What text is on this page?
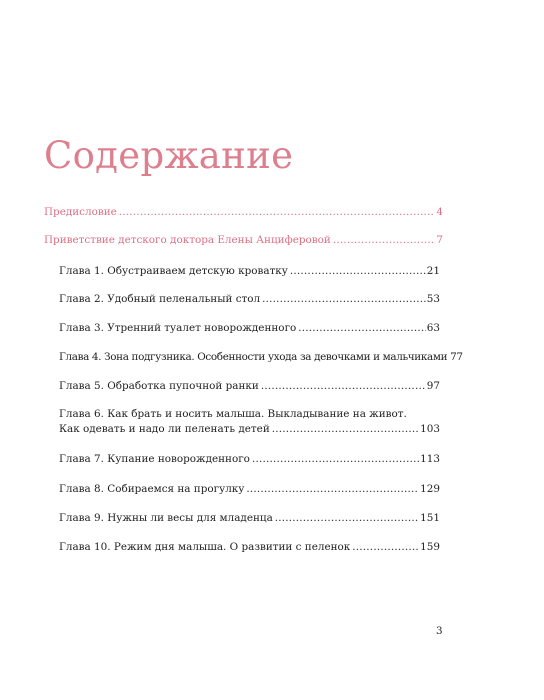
Содержание
Предисловие .....	4
Приветствие детского доктора Елены Анциферовой .....	7
Глава 1. Обустраиваем детскую кроватку .....	21
Глава 2. Удобный пеленальный стол .....	53
Глава 3. Утренний туалет новорожденного .....	63
Глава 4. Зона подгузника. Особенности ухода за девочками и мальчиками 77
Глава 5. Обработка пупочной ранки .....	97
Глава 6. Как брать и носить малыша. Выкладывание на живот.
Как одевать и надо ли пеленать детей .....	103
Глава 7. Купание новорожденного .....	113
Глава 8. Собираемся на прогулку .....	129
Глава 9. Нужны ли весы для младенца .....	151
Глава 10. Режим дня малыша. О развитии с пеленок .....	159
3
